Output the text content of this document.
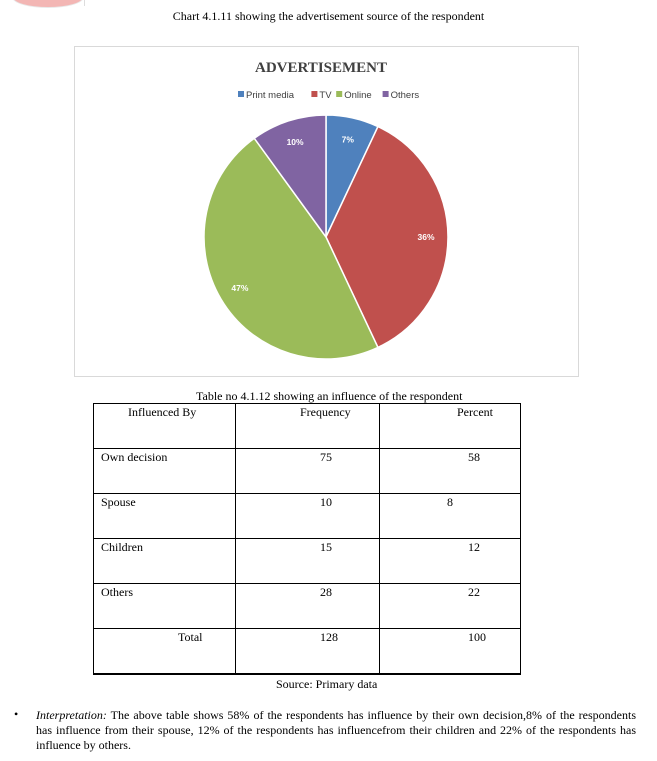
Chart 4.1.11 showing the advertisement source of the respondent
ADVERTISEMENT
Print media	TV Online Others
7%
36%
47%
10%
Table no 4.1.12 showing an influence of the respondent
Influenced By	Frequency	Percent

Own decision	75	58

Spouse	10	8

Children	15	12

Others	28	22

Total	128	100
Source: Primary data
• Interpretation: The above table shows 58% of the respondents has influence by their own decision,8% of the respondents has influence from their spouse, 12% of the respondents has influencefrom their children and 22% of the respondents has influence by others.
